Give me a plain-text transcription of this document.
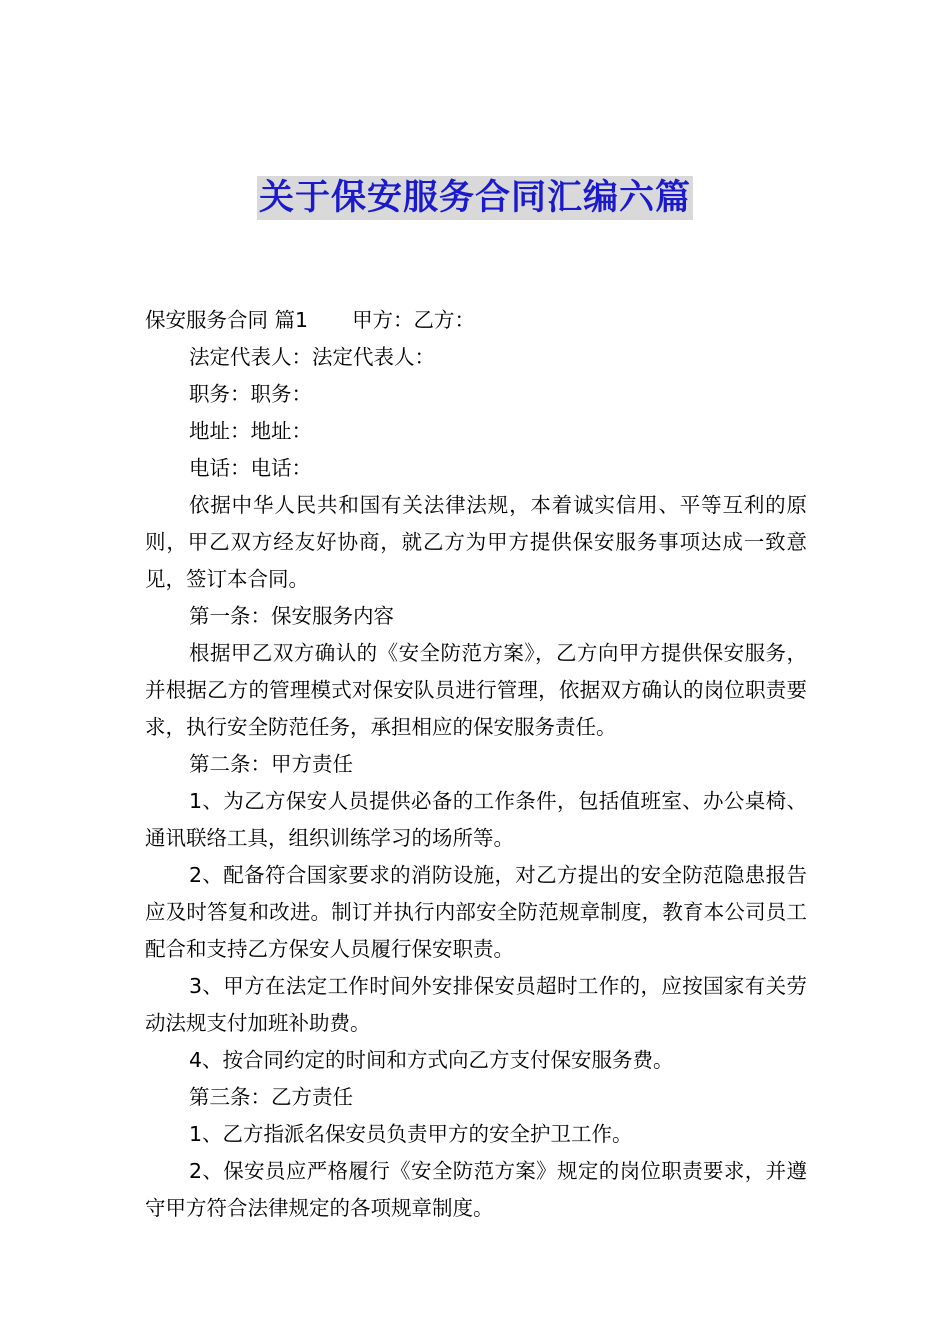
关于保安服务合同汇编六篇

保安服务合同 篇1 甲方：乙方：

法定代表人：法定代表人：

职务：职务：

地址：地址：

电话：电话：

依据中华人民共和国有关法律法规，本着诚实信用、平等互利的原则，甲乙双方经友好协商，就乙方为甲方提供保安服务事项达成一致意见，签订本合同。

第一条：保安服务内容

根据甲乙双方确认的《安全防范方案》，乙方向甲方提供保安服务，并根据乙方的管理模式对保安队员进行管理，依据双方确认的岗位职责要求，执行安全防范任务，承担相应的保安服务责任。

第二条：甲方责任

1、为乙方保安人员提供必备的工作条件，包括值班室、办公桌椅、通讯联络工具，组织训练学习的场所等。

2、配备符合国家要求的消防设施，对乙方提出的安全防范隐患报告应及时答复和改进。制订并执行内部安全防范规章制度，教育本公司员工配合和支持乙方保安人员履行保安职责。

3、甲方在法定工作时间外安排保安员超时工作的，应按国家有关劳动法规支付加班补助费。

4、按合同约定的时间和方式向乙方支付保安服务费。

第三条：乙方责任

1、乙方指派名保安员负责甲方的安全护卫工作。

2、保安员应严格履行《安全防范方案》规定的岗位职责要求，并遵守甲方符合法律规定的各项规章制度。
